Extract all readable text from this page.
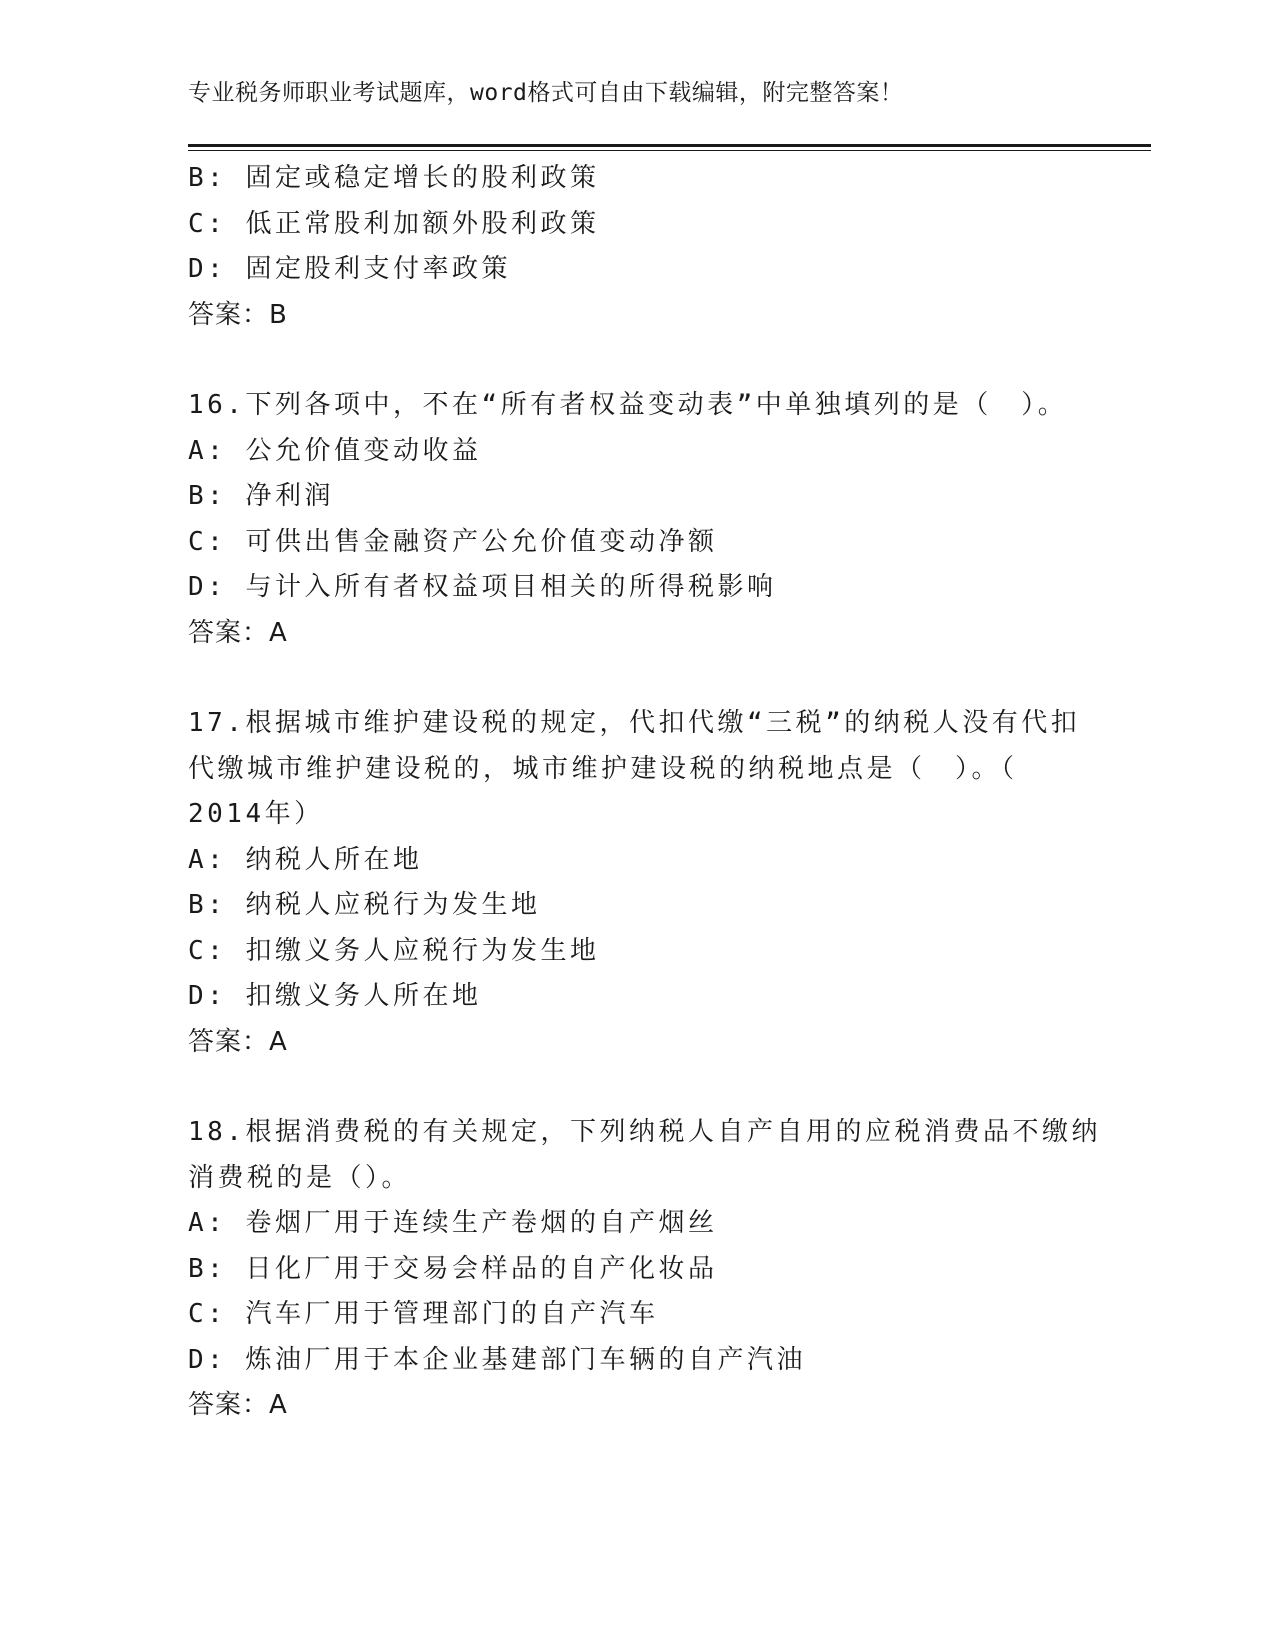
专业税务师职业考试题库，word格式可自由下载编辑，附完整答案！
B: 固定或稳定增长的股利政策
C: 低正常股利加额外股利政策
D: 固定股利支付率政策
答案：B
16.下列各项中，不在“所有者权益变动表”中单独填列的是（　）。
A: 公允价值变动收益
B: 净利润
C: 可供出售金融资产公允价值变动净额
D: 与计入所有者权益项目相关的所得税影响
答案：A
17.根据城市维护建设税的规定，代扣代缴“三税”的纳税人没有代扣
代缴城市维护建设税的，城市维护建设税的纳税地点是（　）。（
2014年）
A: 纳税人所在地
B: 纳税人应税行为发生地
C: 扣缴义务人应税行为发生地
D: 扣缴义务人所在地
答案：A
18.根据消费税的有关规定，下列纳税人自产自用的应税消费品不缴纳
消费税的是（）。
A: 卷烟厂用于连续生产卷烟的自产烟丝
B: 日化厂用于交易会样品的自产化妆品
C: 汽车厂用于管理部门的自产汽车
D: 炼油厂用于本企业基建部门车辆的自产汽油
答案：A
